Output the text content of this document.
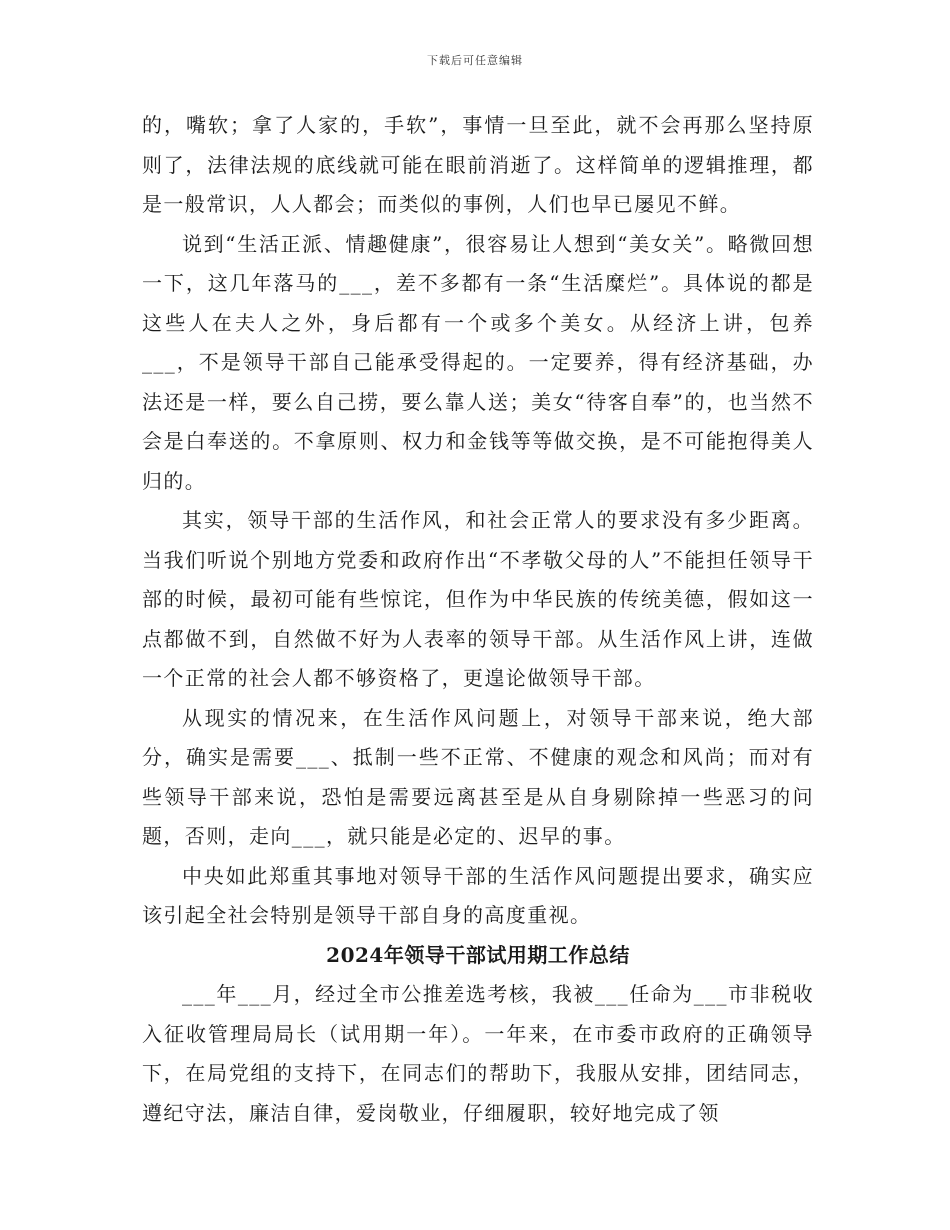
下载后可任意编辑

的，嘴软；拿了人家的，手软”，事情一旦至此，就不会再那么坚持原则了，法律法规的底线就可能在眼前消逝了。这样简单的逻辑推理，都是一般常识，人人都会；而类似的事例，人们也早已屡见不鲜。

说到“生活正派、情趣健康”，很容易让人想到“美女关”。略微回想一下，这几年落马的___，差不多都有一条“生活糜烂”。具体说的都是这些人在夫人之外，身后都有一个或多个美女。从经济上讲，包养___，不是领导干部自己能承受得起的。一定要养，得有经济基础，办法还是一样，要么自己捞，要么靠人送；美女“待客自奉”的，也当然不会是白奉送的。不拿原则、权力和金钱等等做交换，是不可能抱得美人归的。

其实，领导干部的生活作风，和社会正常人的要求没有多少距离。当我们听说个别地方党委和政府作出“不孝敬父母的人”不能担任领导干部的时候，最初可能有些惊诧，但作为中华民族的传统美德，假如这一点都做不到，自然做不好为人表率的领导干部。从生活作风上讲，连做一个正常的社会人都不够资格了，更遑论做领导干部。

从现实的情况来，在生活作风问题上，对领导干部来说，绝大部分，确实是需要___、抵制一些不正常、不健康的观念和风尚；而对有些领导干部来说，恐怕是需要远离甚至是从自身剔除掉一些恶习的问题，否则，走向___，就只能是必定的、迟早的事。

中央如此郑重其事地对领导干部的生活作风问题提出要求，确实应该引起全社会特别是领导干部自身的高度重视。

2024年领导干部试用期工作总结

___年___月，经过全市公推差选考核，我被___任命为___市非税收入征收管理局局长（试用期一年）。一年来，在市委市政府的正确领导下，在局党组的支持下，在同志们的帮助下，我服从安排，团结同志，遵纪守法，廉洁自律，爱岗敬业，仔细履职，较好地完成了领
